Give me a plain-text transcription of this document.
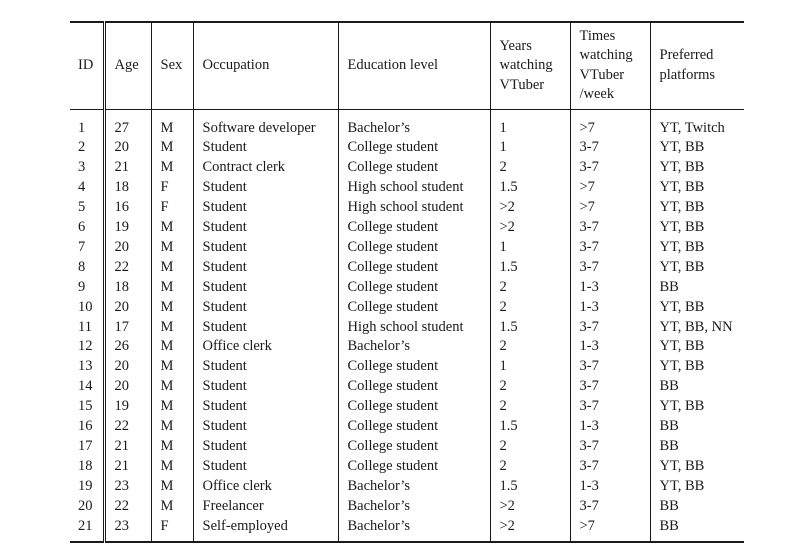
ID	Age	Sex	Occupation	Education level	Years
watching
VTuber	Times
watching
VTuber
/week	Preferred
platforms
1	27	M	Software developer	Bachelor’s	1	>7	YT, Twitch
2	20	M	Student	College student	1	3-7	YT, BB
3	21	M	Contract clerk	College student	2	3-7	YT, BB
4	18	F	Student	High school student	1.5	>7	YT, BB
5	16	F	Student	High school student	>2	>7	YT, BB
6	19	M	Student	College student	>2	3-7	YT, BB
7	20	M	Student	College student	1	3-7	YT, BB
8	22	M	Student	College student	1.5	3-7	YT, BB
9	18	M	Student	College student	2	1-3	BB
10	20	M	Student	College student	2	1-3	YT, BB
11	17	M	Student	High school student	1.5	3-7	YT, BB, NN
12	26	M	Office clerk	Bachelor’s	2	1-3	YT, BB
13	20	M	Student	College student	1	3-7	YT, BB
14	20	M	Student	College student	2	3-7	BB
15	19	M	Student	College student	2	3-7	YT, BB
16	22	M	Student	College student	1.5	1-3	BB
17	21	M	Student	College student	2	3-7	BB
18	21	M	Student	College student	2	3-7	YT, BB
19	23	M	Office clerk	Bachelor’s	1.5	1-3	YT, BB
20	22	M	Freelancer	Bachelor’s	>2	3-7	BB
21	23	F	Self-employed	Bachelor’s	>2	>7	BB
